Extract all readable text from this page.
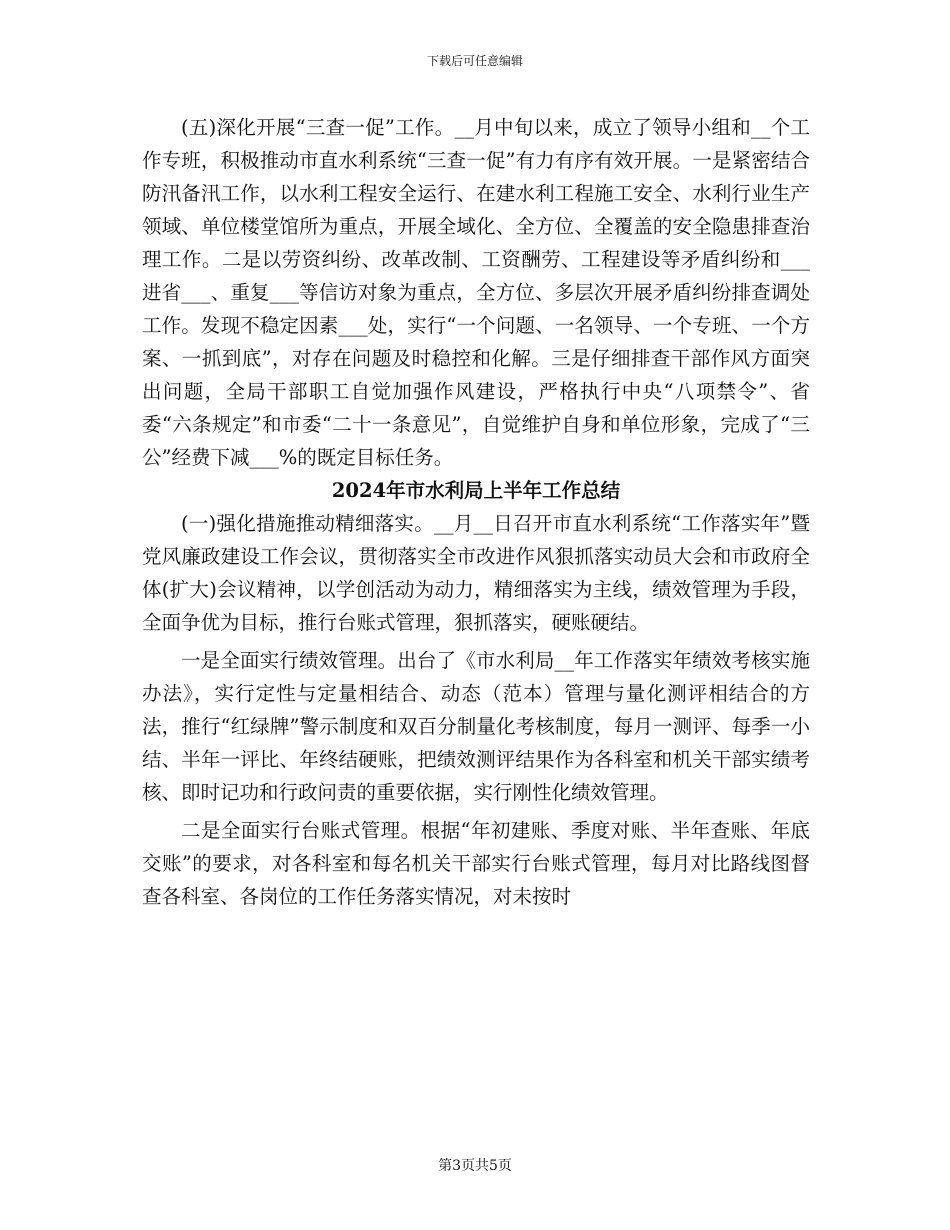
下载后可任意编辑

(五)深化开展“三查一促”工作。__月中旬以来，成立了领导小组和__个工作专班，积极推动市直水利系统“三查一促”有力有序有效开展。一是紧密结合防汛备汛工作，以水利工程安全运行、在建水利工程施工安全、水利行业生产领域、单位楼堂馆所为重点，开展全域化、全方位、全覆盖的安全隐患排查治理工作。二是以劳资纠纷、改革改制、工资酬劳、工程建设等矛盾纠纷和___进省___、重复___等信访对象为重点，全方位、多层次开展矛盾纠纷排查调处工作。发现不稳定因素___处，实行“一个问题、一名领导、一个专班、一个方案、一抓到底”，对存在问题及时稳控和化解。三是仔细排查干部作风方面突出问题，全局干部职工自觉加强作风建设，严格执行中央“八项禁令”、省委“六条规定”和市委“二十一条意见”，自觉维护自身和单位形象，完成了“三公”经费下减___%的既定目标任务。

2024年市水利局上半年工作总结

(一)强化措施推动精细落实。__月__日召开市直水利系统“工作落实年”暨党风廉政建设工作会议，贯彻落实全市改进作风狠抓落实动员大会和市政府全体(扩大)会议精神，以学创活动为动力，精细落实为主线，绩效管理为手段，全面争优为目标，推行台账式管理，狠抓落实，硬账硬结。

一是全面实行绩效管理。出台了《市水利局__年工作落实年绩效考核实施办法》，实行定性与定量相结合、动态（范本）管理与量化测评相结合的方法，推行“红绿牌”警示制度和双百分制量化考核制度，每月一测评、每季一小结、半年一评比、年终结硬账，把绩效测评结果作为各科室和机关干部实绩考核、即时记功和行政问责的重要依据，实行刚性化绩效管理。

二是全面实行台账式管理。根据“年初建账、季度对账、半年查账、年底交账”的要求，对各科室和每名机关干部实行台账式管理，每月对比路线图督查各科室、各岗位的工作任务落实情况，对未按时

第3页共5页
